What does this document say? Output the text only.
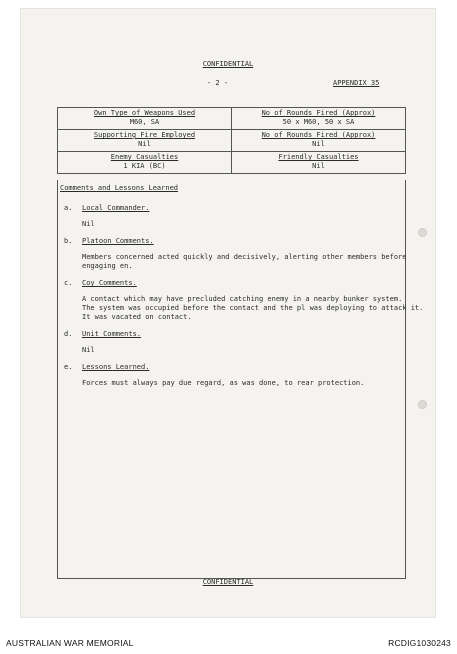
CONFIDENTIAL
- 2 -	APPENDIX 35
Own Type of Weapons Used
M60, SA
No of Rounds Fired (Approx)
50 x M60, 50 x SA
Supporting Fire Employed
Nil
No of Rounds Fired (Approx)
Nil
Enemy Casualties
1 KIA (BC)
Friendly Casualties
Nil
Comments and Lessons Learned
a. Local Commander.
Nil
b. Platoon Comments.
Members concerned acted quickly and decisively, alerting other members before
engaging en.
c. Coy Comments.
A contact which may have precluded catching enemy in a nearby bunker system.
The system was occupied before the contact and the pl was deploying to attack it.
It was vacated on contact.
d. Unit Comments.
Nil
e. Lessons Learned.
Forces must always pay due regard, as was done, to rear protection.
CONFIDENTIAL
AUSTRALIAN WAR MEMORIAL	RCDIG1030243
